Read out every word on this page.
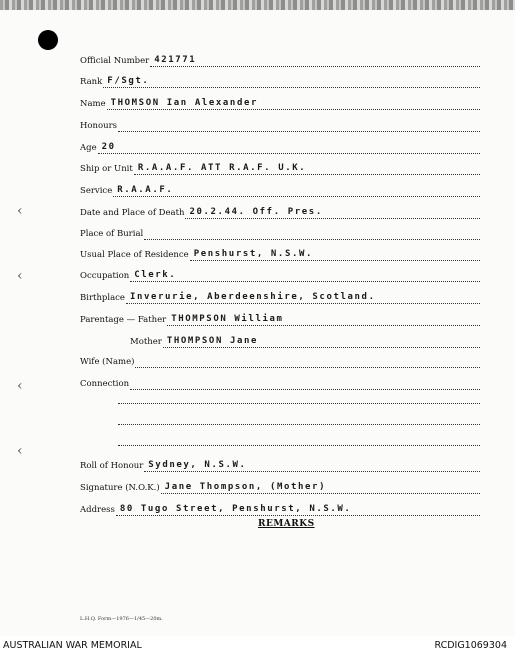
‹
‹
‹
‹
Official Number 421771
Rank F/Sgt.
Name THOMSON Ian Alexander
Honours
Age 20
Ship or Unit R.A.A.F. ATT R.A.F. U.K.
Service R.A.A.F.
Date and Place of Death 20.2.44. Off. Pres.
Place of Burial
Usual Place of Residence Penshurst, N.S.W.
Occupation Clerk.
Birthplace Inverurie, Aberdeenshire, Scotland.
Parentage — Father THOMPSON William
Mother THOMPSON Jane
Wife (Name)
Connection
Roll of Honour Sydney, N.S.W.
Signature (N.O.K.) Jane Thompson, (Mother)
Address 80 Tugo Street, Penshurst, N.S.W.
REMARKS
L.H.Q. Form—1976—1/45—20m.
AUSTRALIAN WAR MEMORIAL	RCDIG1069304
